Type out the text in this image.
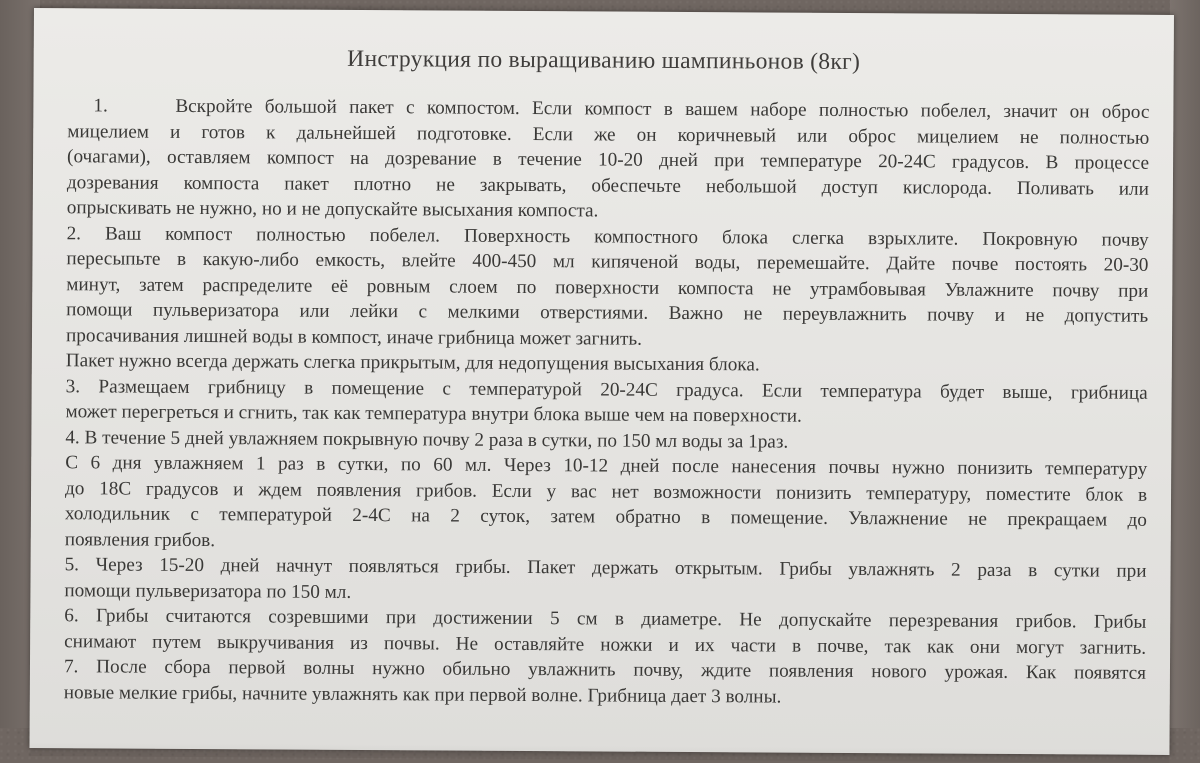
Инструкция по выращиванию шампиньонов (8кг)
1.	Вскройте большой пакет с компостом. Если компост в вашем наборе полностью побелел, значит он оброс
мицелием и готов к дальнейшей подготовке. Если же он коричневый или оброс мицелием не полностью
(очагами), оставляем компост на дозревание в течение 10-20 дней при температуре 20-24С градусов. В процессе
дозревания компоста пакет плотно не закрывать, обеспечьте небольшой доступ кислорода. Поливать или
опрыскивать не нужно, но и не допускайте высыхания компоста.
2. Ваш компост полностью побелел. Поверхность компостного блока слегка взрыхлите. Покровную почву
пересыпьте в какую-либо емкость, влейте 400-450 мл кипяченой воды, перемешайте. Дайте почве постоять 20-30
минут, затем распределите её ровным слоем по поверхности компоста не утрамбовывая Увлажните почву при
помощи пульверизатора или лейки с мелкими отверстиями. Важно не переувлажнить почву и не допустить
просачивания лишней воды в компост, иначе грибница может загнить.
Пакет нужно всегда держать слегка прикрытым, для недопущения высыхания блока.
3. Размещаем грибницу в помещение с температурой 20-24С градуса. Если температура будет выше, грибница
может перегреться и сгнить, так как температура внутри блока выше чем на поверхности.
4. В течение 5 дней увлажняем покрывную почву 2 раза в сутки, по 150 мл воды за 1раз.
С 6 дня увлажняем 1 раз в сутки, по 60 мл. Через 10-12 дней после нанесения почвы нужно понизить температуру
до 18С градусов и ждем появления грибов. Если у вас нет возможности понизить температуру, поместите блок в
холодильник с температурой 2-4С на 2 суток, затем обратно в помещение. Увлажнение не прекращаем до
появления грибов.
5. Через 15-20 дней начнут появляться грибы. Пакет держать открытым. Грибы увлажнять 2 раза в сутки при
помощи пульверизатора по 150 мл.
6. Грибы считаются созревшими при достижении 5 см в диаметре. Не допускайте перезревания грибов. Грибы
снимают путем выкручивания из почвы. Не оставляйте ножки и их части в почве, так как они могут загнить.
7. После сбора первой волны нужно обильно увлажнить почву, ждите появления нового урожая. Как появятся
новые мелкие грибы, начните увлажнять как при первой волне. Грибница дает 3 волны.
